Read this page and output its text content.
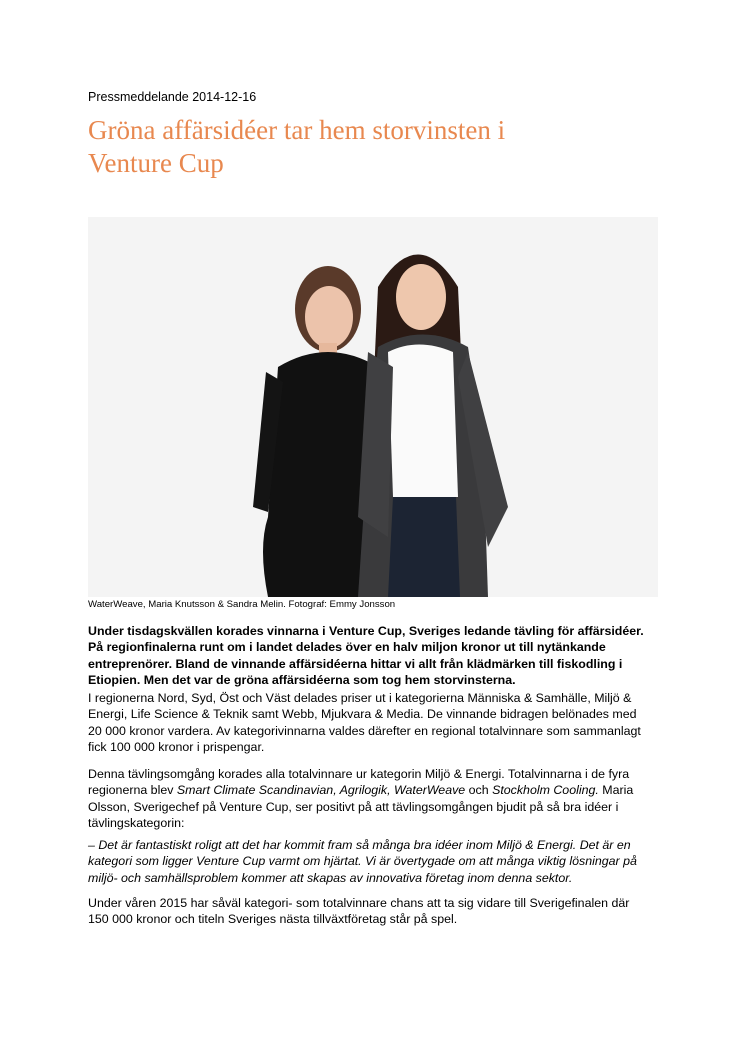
Pressmeddelande 2014-12-16
Gröna affärsidéer tar hem storvinsten i
Venture Cup
WaterWeave, Maria Knutsson & Sandra Melin. Fotograf: Emmy Jonsson
Under tisdagskvällen korades vinnarna i Venture Cup, Sveriges ledande tävling för affärsidéer.
På regionfinalerna runt om i landet delades över en halv miljon kronor ut till nytänkande
entreprenörer. Bland de vinnande affärsidéerna hittar vi allt från klädmärken till fiskodling i
Etiopien. Men det var de gröna affärsidéerna som tog hem storvinsterna.
I regionerna Nord, Syd, Öst och Väst delades priser ut i kategorierna Människa & Samhälle, Miljö &
Energi, Life Science & Teknik samt Webb, Mjukvara & Media. De vinnande bidragen belönades med
20 000 kronor vardera. Av kategorivinnarna valdes därefter en regional totalvinnare som sammanlagt
fick 100 000 kronor i prispengar.
Denna tävlingsomgång korades alla totalvinnare ur kategorin Miljö & Energi. Totalvinnarna i de fyra
regionerna blev Smart Climate Scandinavian, Agrilogik, WaterWeave och Stockholm Cooling. Maria
Olsson, Sverigechef på Venture Cup, ser positivt på att tävlingsomgången bjudit på så bra idéer i
tävlingskategorin:
– Det är fantastiskt roligt att det har kommit fram så många bra idéer inom Miljö & Energi. Det är en
kategori som ligger Venture Cup varmt om hjärtat. Vi är övertygade om att många viktig lösningar på
miljö- och samhällsproblem kommer att skapas av innovativa företag inom denna sektor.
Under våren 2015 har såväl kategori- som totalvinnare chans att ta sig vidare till Sverigefinalen där
150 000 kronor och titeln Sveriges nästa tillväxtföretag står på spel.
